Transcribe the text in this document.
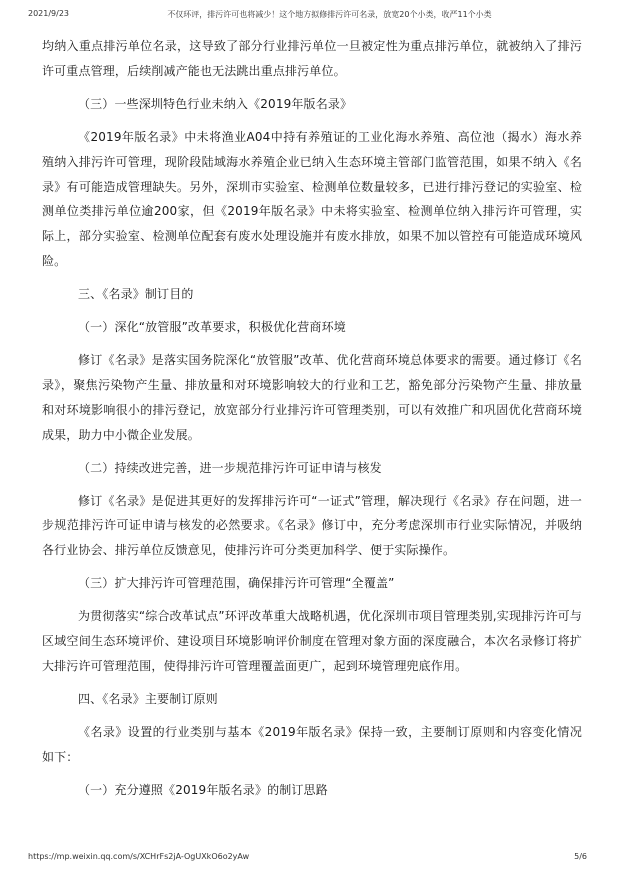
2021/9/23	不仅环评，排污许可也将减少！这个地方拟修排污许可名录，放宽20个小类，收严11个小类

均纳入重点排污单位名录，这导致了部分行业排污单位一旦被定性为重点排污单位，就被纳入了排污许可重点管理，后续削减产能也无法跳出重点排污单位。

（三）一些深圳特色行业未纳入《2019年版名录》

《2019年版名录》中未将渔业A04中持有养殖证的工业化海水养殖、高位池（揭水）海水养殖纳入排污许可管理，现阶段陆域海水养殖企业已纳入生态环境主管部门监管范围，如果不纳入《名录》有可能造成管理缺失。另外，深圳市实验室、检测单位数量较多，已进行排污登记的实验室、检测单位类排污单位逾200家，但《2019年版名录》中未将实验室、检测单位纳入排污许可管理，实际上，部分实验室、检测单位配套有废水处理设施并有废水排放，如果不加以管控有可能造成环境风险。

三、《名录》制订目的

（一）深化“放管服”改革要求，积极优化营商环境

修订《名录》是落实国务院深化“放管服”改革、优化营商环境总体要求的需要。通过修订《名录》，聚焦污染物产生量、排放量和对环境影响较大的行业和工艺，豁免部分污染物产生量、排放量和对环境影响很小的排污登记，放宽部分行业排污许可管理类别，可以有效推广和巩固优化营商环境成果，助力中小微企业发展。

（二）持续改进完善，进一步规范排污许可证申请与核发

修订《名录》是促进其更好的发挥排污许可“一证式”管理，解决现行《名录》存在问题，进一步规范排污许可证申请与核发的必然要求。《名录》修订中，充分考虑深圳市行业实际情况，并吸纳各行业协会、排污单位反馈意见，使排污许可分类更加科学、便于实际操作。

（三）扩大排污许可管理范围，确保排污许可管理“全覆盖”

为贯彻落实“综合改革试点”环评改革重大战略机遇，优化深圳市项目管理类别,实现排污许可与区域空间生态环境评价、建设项目环境影响评价制度在管理对象方面的深度融合，本次名录修订将扩大排污许可管理范围，使得排污许可管理覆盖面更广，起到环境管理兜底作用。

四、《名录》主要制订原则

《名录》设置的行业类别与基本《2019年版名录》保持一致，主要制订原则和内容变化情况如下：

（一）充分遵照《2019年版名录》的制订思路

https://mp.weixin.qq.com/s/XCHrFs2jA-OgUXkO6o2yAw	5/6
